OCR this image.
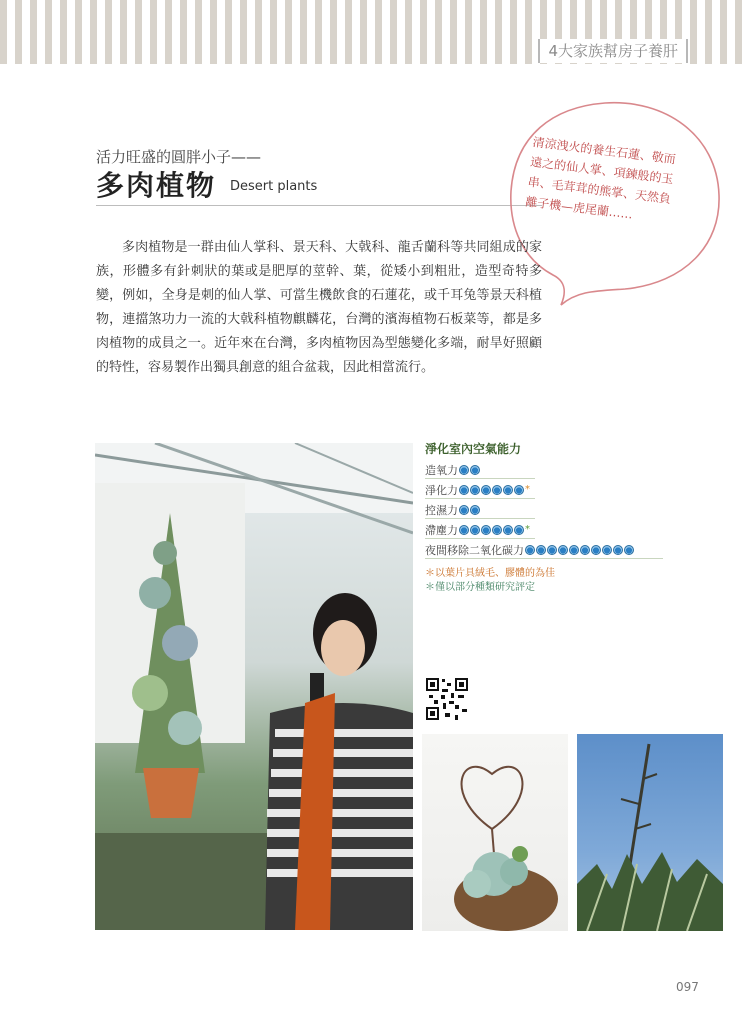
4大家族幫房子養肝
活力旺盛的圓胖小子——
多肉植物 Desert plants
清涼洩火的養生石蓮、敬而遠之的仙人掌、項鍊般的玉串、毛茸茸的熊掌、天然負離子機—虎尾蘭……
多肉植物是一群由仙人掌科、景天科、大戟科、龍舌蘭科等共同組成的家族，形體多有針刺狀的葉或是肥厚的莖幹、葉，從矮小到粗壯，造型奇特多變，例如，全身是刺的仙人掌、可當生機飲食的石蓮花，或千耳兔等景天科植物，連擋煞功力一流的大戟科植物麒麟花，台灣的濱海植物石板菜等，都是多肉植物的成員之一。近年來在台灣，多肉植物因為型態變化多端，耐旱好照顧的特性，容易製作出獨具創意的組合盆栽，因此相當流行。
淨化室內空氣能力
造氧力
淨化力	*
控濕力
滯塵力	*
夜間移除二氧化碳力
＊以葉片具絨毛、膠體的為佳
＊僅以部分種類研究評定
097
